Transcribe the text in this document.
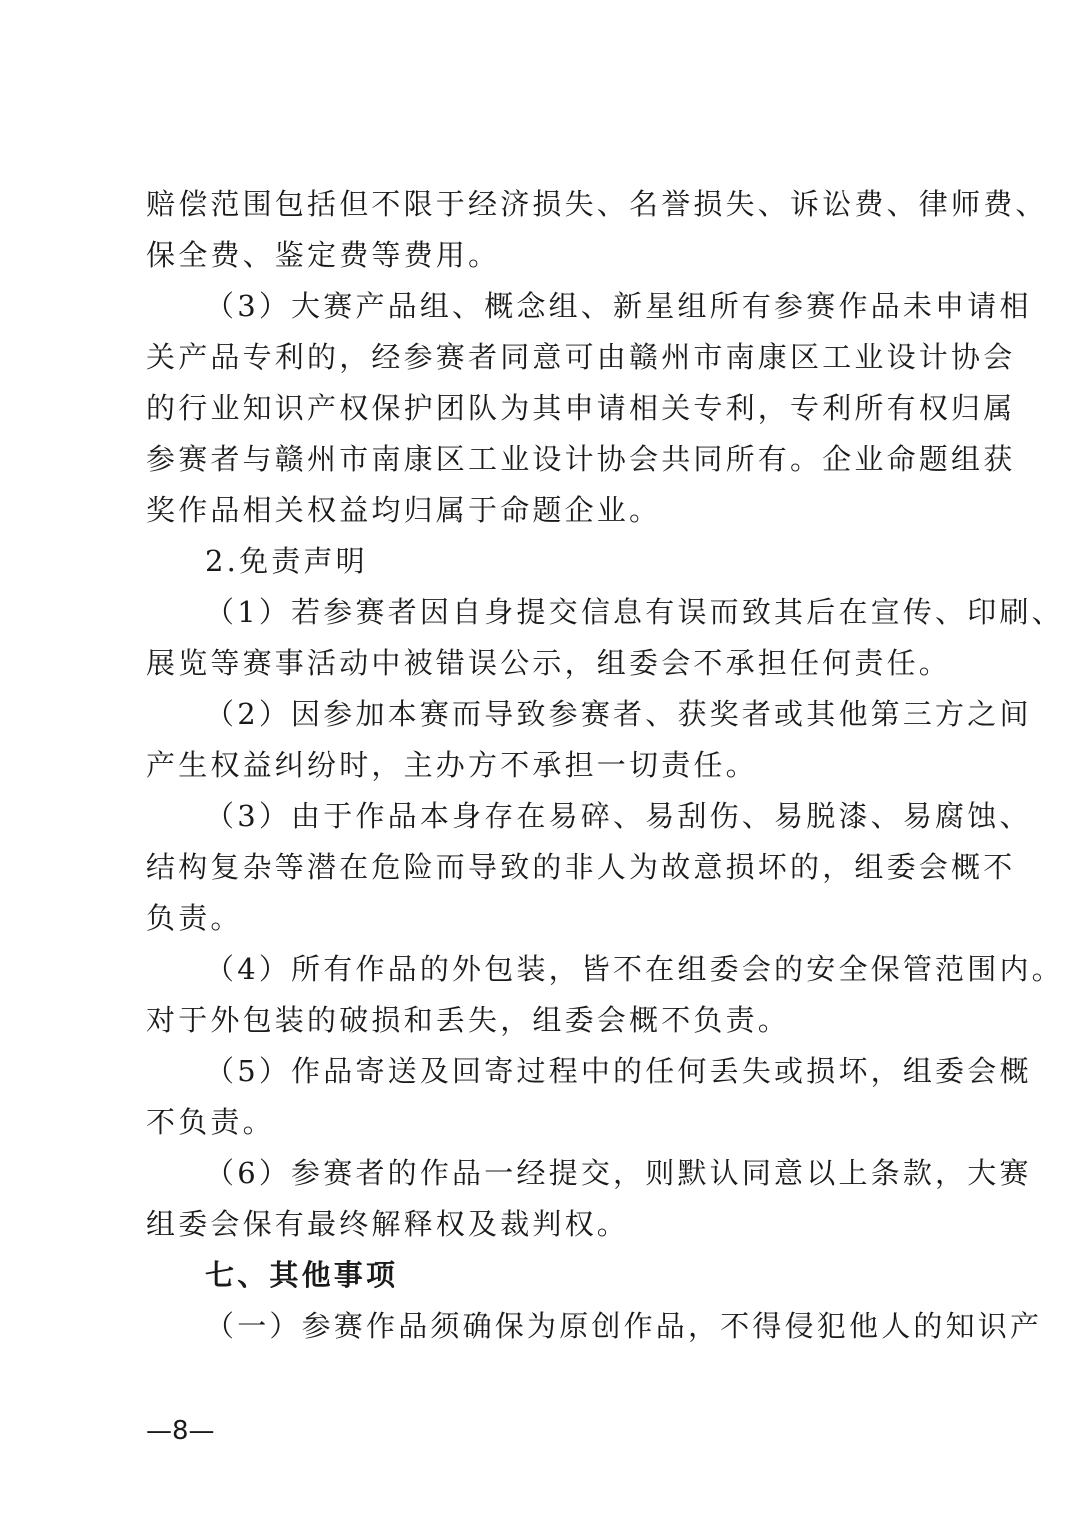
赔偿范围包括但不限于经济损失、名誉损失、诉讼费、律师费、
保全费、鉴定费等费用。
（3）大赛产品组、概念组、新星组所有参赛作品未申请相
关产品专利的，经参赛者同意可由赣州市南康区工业设计协会
的行业知识产权保护团队为其申请相关专利，专利所有权归属
参赛者与赣州市南康区工业设计协会共同所有。企业命题组获
奖作品相关权益均归属于命题企业。
2.免责声明
（1）若参赛者因自身提交信息有误而致其后在宣传、印刷、
展览等赛事活动中被错误公示，组委会不承担任何责任。
（2）因参加本赛而导致参赛者、获奖者或其他第三方之间
产生权益纠纷时，主办方不承担一切责任。
（3）由于作品本身存在易碎、易刮伤、易脱漆、易腐蚀、
结构复杂等潜在危险而导致的非人为故意损坏的，组委会概不
负责。
（4）所有作品的外包装，皆不在组委会的安全保管范围内。
对于外包装的破损和丢失，组委会概不负责。
（5）作品寄送及回寄过程中的任何丢失或损坏，组委会概
不负责。
（6）参赛者的作品一经提交，则默认同意以上条款，大赛
组委会保有最终解释权及裁判权。
七、其他事项
（一）参赛作品须确保为原创作品，不得侵犯他人的知识产
—8—
